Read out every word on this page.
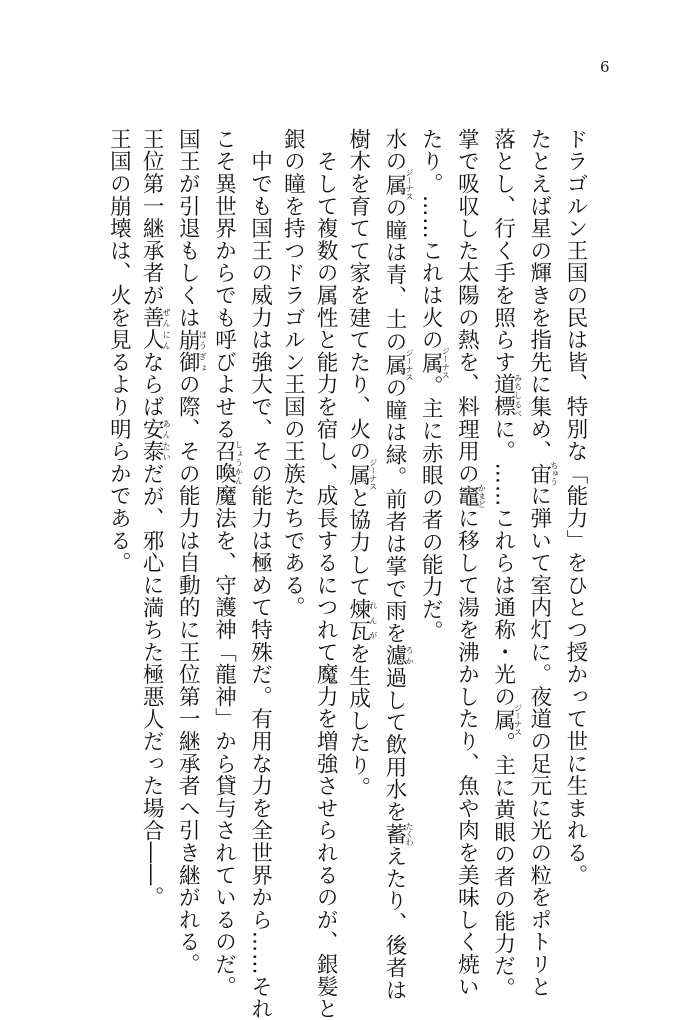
6

ドラゴルン王国の民は皆、特別な「能力」をひとつ授かって世に生まれる。

たとえば星の輝きを指先に集め、宙ちゅうに弾いて室内灯に。夜道の足元に光の粒をポトリと

落とし、行く手を照らす道標みちしるべに。……これらは通称・光の属ジーナス。主に黄眼の者の能力だ。

掌で吸収した太陽の熱を、料理用の竈かまどに移して湯を沸かしたり、魚や肉を美味しく焼い

たり。……これは火の属ジーナス。主に赤眼の者の能力だ。

水の属ジーナスの瞳は青、土の属ジーナスの瞳は緑。前者は掌で雨を濾ろか過して飲用水を蓄たくわえたり、後者は

樹木を育てて家を建てたり、火の属ジーナスと協力して煉瓦れんがを生成したり。

　そして複数の属性と能力を宿し、成長するにつれて魔力を増強させられるのが、銀髪と

銀の瞳を持つドラゴルン王国の王族たちである。

　中でも国王の威力は強大で、その能力は極めて特殊だ。有用な力を全世界から……それ

こそ異世界からでも呼びよせる召喚しょうかん魔法を、守護神「龍神」から貸与されているのだ。

国王が引退もしくは崩御ほうぎょの際、その能力は自動的に王位第一継承者へ引き継がれる。

王位第一継承者が善人ぜんにんならば安泰あんたいだが、邪心に満ちた極悪人だった場合――。

王国の崩壊は、火を見るより明らかである。
